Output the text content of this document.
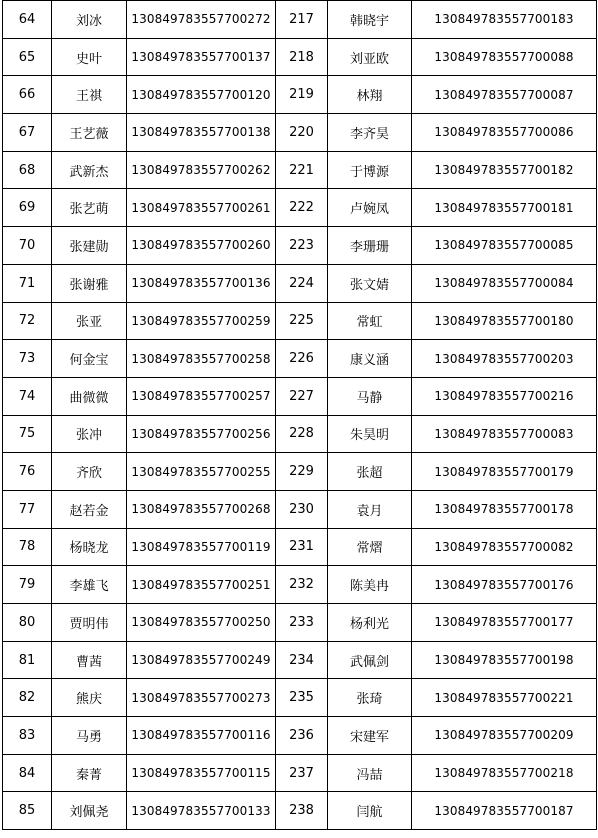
64	刘冰	130849783557700272	217	韩晓宇	130849783557700183
65	史叶	130849783557700137	218	刘亚欧	130849783557700088
66	王祺	130849783557700120	219	林翔	130849783557700087
67	王艺薇	130849783557700138	220	李齐昊	130849783557700086
68	武新杰	130849783557700262	221	于博源	130849783557700182
69	张艺萌	130849783557700261	222	卢婉凤	130849783557700181
70	张建勋	130849783557700260	223	李珊珊	130849783557700085
71	张谢雅	130849783557700136	224	张文婧	130849783557700084
72	张亚	130849783557700259	225	常虹	130849783557700180
73	何金宝	130849783557700258	226	康义涵	130849783557700203
74	曲微微	130849783557700257	227	马静	130849783557700216
75	张冲	130849783557700256	228	朱昊明	130849783557700083
76	齐欣	130849783557700255	229	张超	130849783557700179
77	赵若金	130849783557700268	230	袁月	130849783557700178
78	杨晓龙	130849783557700119	231	常熠	130849783557700082
79	李雄飞	130849783557700251	232	陈美冉	130849783557700176
80	贾明伟	130849783557700250	233	杨利光	130849783557700177
81	曹茜	130849783557700249	234	武佩剑	130849783557700198
82	熊庆	130849783557700273	235	张琦	130849783557700221
83	马勇	130849783557700116	236	宋建军	130849783557700209
84	秦菁	130849783557700115	237	冯喆	130849783557700218
85	刘佩尧	130849783557700133	238	闫航	130849783557700187
